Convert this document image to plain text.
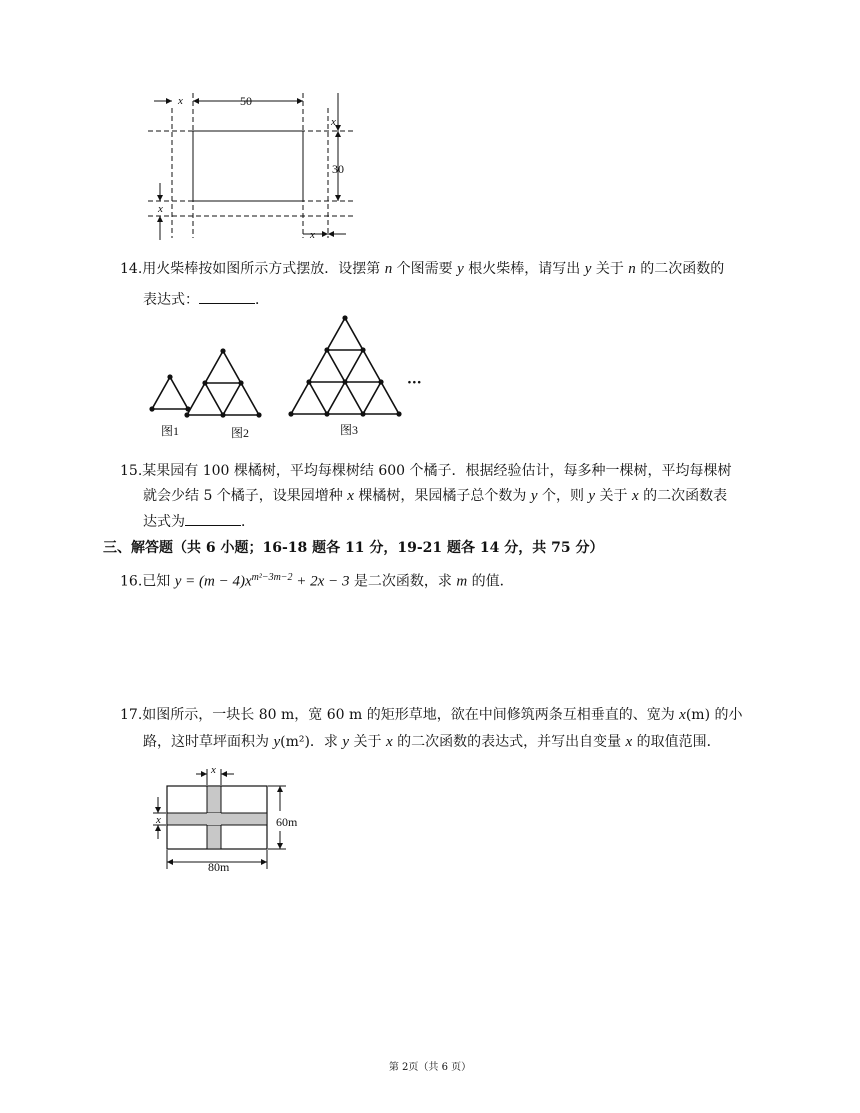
50
30
x
x
x
x
14.用火柴棒按如图所示方式摆放．设摆第 n 个图需要 y 根火柴棒，请写出 y 关于 n 的二次函数的
表达式：	．
···
图1	图2	图3
15.某果园有 100 棵橘树，平均每棵树结 600 个橘子．根据经验估计，每多种一棵树，平均每棵树
就会少结 5 个橘子，设果园增种 x 棵橘树，果园橘子总个数为 y 个，则 y 关于 x 的二次函数表
达式为	．
三、解答题（共 6 小题；16-18 题各 11 分，19-21 题各 14 分，共 75 分）
16.已知 $y = (m - 4)x^{m^2-3m-2} + 2x - 3$ 是二次函数，求 m 的值．
17.如图所示，一块长 80 m，宽 60 m 的矩形草地，欲在中间修筑两条互相垂直的、宽为 x(m) 的小
路，这时草坪面积为 y(m²)．求 y 关于 x 的二次函数的表达式，并写出自变量 x 的取值范围．
x
x	60m
80m
第 2页（共 6 页）
